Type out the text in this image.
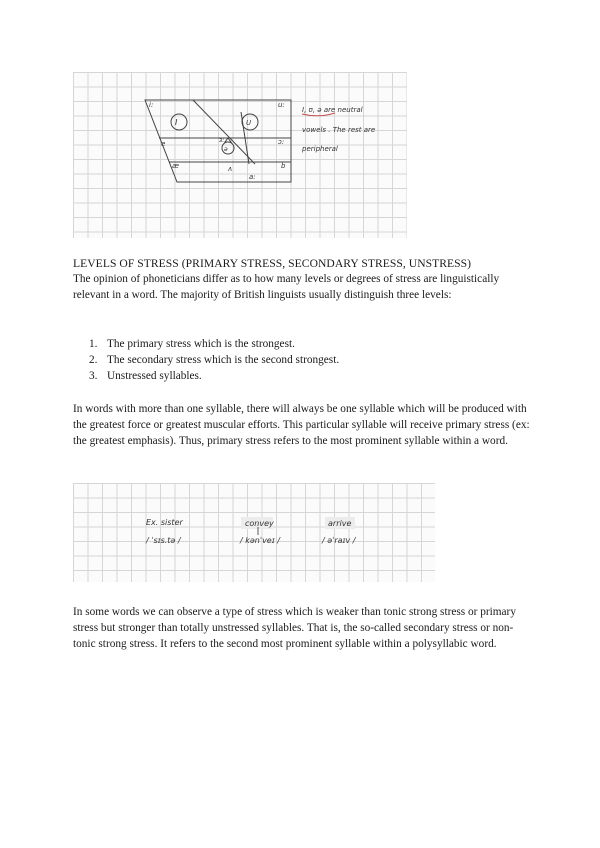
i:	u:
I	U
e
ə
ɜ:
æ	ʌ
a:
ɔ:
b
I, ʊ, ə are neutral
vowels . The rest are
peripheral

LEVELS OF STRESS (PRIMARY STRESS, SECONDARY STRESS, UNSTRESS)

The opinion of phoneticians differ as to how many levels or degrees of stress are linguistically relevant in a word. The majority of British linguists usually distinguish three levels:

1. The primary stress which is the strongest.
2. The secondary stress which is the second strongest.
3. Unstressed syllables.

In words with more than one syllable, there will always be one syllable which will be produced with the greatest force or greatest muscular efforts. This particular syllable will receive primary stress (ex: the greatest emphasis). Thus, primary stress refers to the most prominent syllable within a word.

Ex. sister
/ ˈsɪs.tə /
convey
/ kənˈveɪ /
arrive
/ əˈraɪv /

In some words we can observe a type of stress which is weaker than tonic strong stress or primary stress but stronger than totally unstressed syllables. That is, the so-called secondary stress or non-tonic strong stress. It refers to the second most prominent syllable within a polysyllabic word.
